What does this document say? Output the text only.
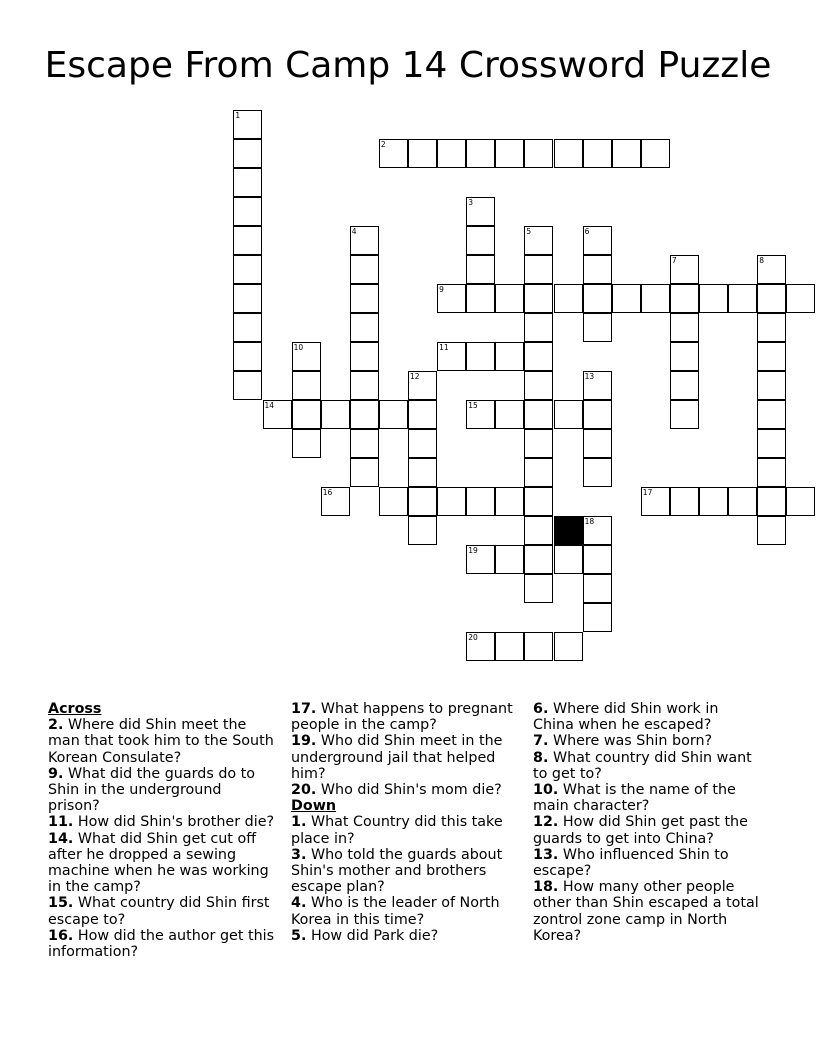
Escape From Camp 14 Crossword Puzzle
1
2
3
4	5	6
7	8
9
10	11
12	13
14	15
16	17
18
19
20
Across
2. Where did Shin meet the man that took him to the South Korean Consulate?
9. What did the guards do to Shin in the underground prison?
11. How did Shin's brother die?
14. What did Shin get cut off after he dropped a sewing machine when he was working in the camp?
15. What country did Shin first escape to?
16. How did the author get this information?
17. What happens to pregnant people in the camp?
19. Who did Shin meet in the underground jail that helped him?
20. Who did Shin's mom die?
Down
1. What Country did this take place in?
3. Who told the guards about Shin's mother and brothers escape plan?
4. Who is the leader of North Korea in this time?
5. How did Park die?
6. Where did Shin work in China when he escaped?
7. Where was Shin born?
8. What country did Shin want to get to?
10. What is the name of the main character?
12. How did Shin get past the guards to get into China?
13. Who influenced Shin to escape?
18. How many other people other than Shin escaped a total zontrol zone camp in North Korea?
